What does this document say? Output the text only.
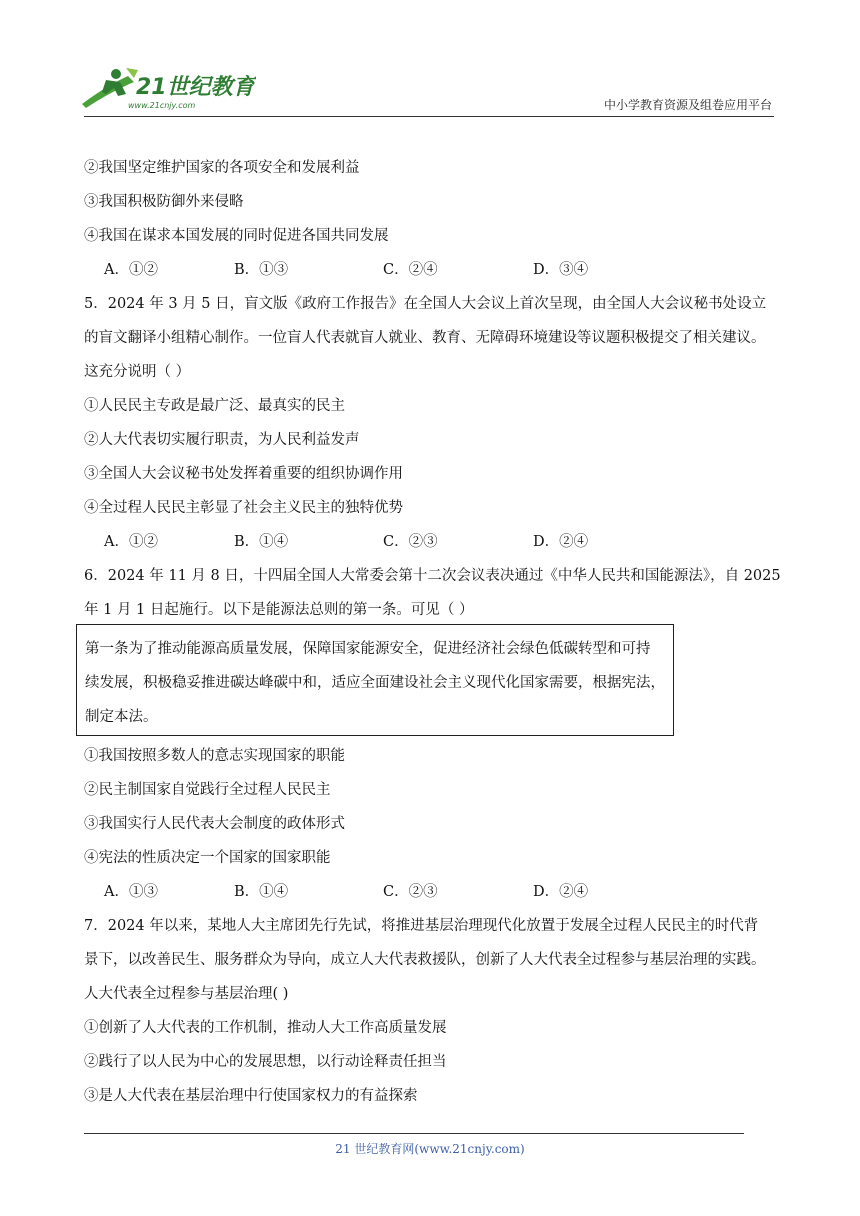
21世纪教育
www.21cnjy.com	中小学教育资源及组卷应用平台
②我国坚定维护国家的各项安全和发展利益
③我国积极防御外来侵略
④我国在谋求本国发展的同时促进各国共同发展
A．①②	B．①③	C．②④	D．③④
5．2024 年 3 月 5 日，盲文版《政府工作报告》在全国人大会议上首次呈现，由全国人大会议秘书处设立
的盲文翻译小组精心制作。一位盲人代表就盲人就业、教育、无障碍环境建设等议题积极提交了相关建议。
这充分说明（ ）
①人民民主专政是最广泛、最真实的民主
②人大代表切实履行职责，为人民利益发声
③全国人大会议秘书处发挥着重要的组织协调作用
④全过程人民民主彰显了社会主义民主的独特优势
A．①②	B．①④	C．②③	D．②④
6．2024 年 11 月 8 日，十四届全国人大常委会第十二次会议表决通过《中华人民共和国能源法》，自 2025
年 1 月 1 日起施行。以下是能源法总则的第一条。可见（ ）
第一条为了推动能源高质量发展，保障国家能源安全，促进经济社会绿色低碳转型和可持
续发展，积极稳妥推进碳达峰碳中和，适应全面建设社会主义现代化国家需要，根据宪法，
制定本法。
①我国按照多数人的意志实现国家的职能
②民主制国家自觉践行全过程人民民主
③我国实行人民代表大会制度的政体形式
④宪法的性质决定一个国家的国家职能
A．①③	B．①④	C．②③	D．②④
7．2024 年以来，某地人大主席团先行先试，将推进基层治理现代化放置于发展全过程人民民主的时代背
景下，以改善民生、服务群众为导向，成立人大代表救援队，创新了人大代表全过程参与基层治理的实践。
人大代表全过程参与基层治理( )
①创新了人大代表的工作机制，推动人大工作高质量发展
②践行了以人民为中心的发展思想，以行动诠释责任担当
③是人大代表在基层治理中行使国家权力的有益探索
21 世纪教育网(www.21cnjy.com)
